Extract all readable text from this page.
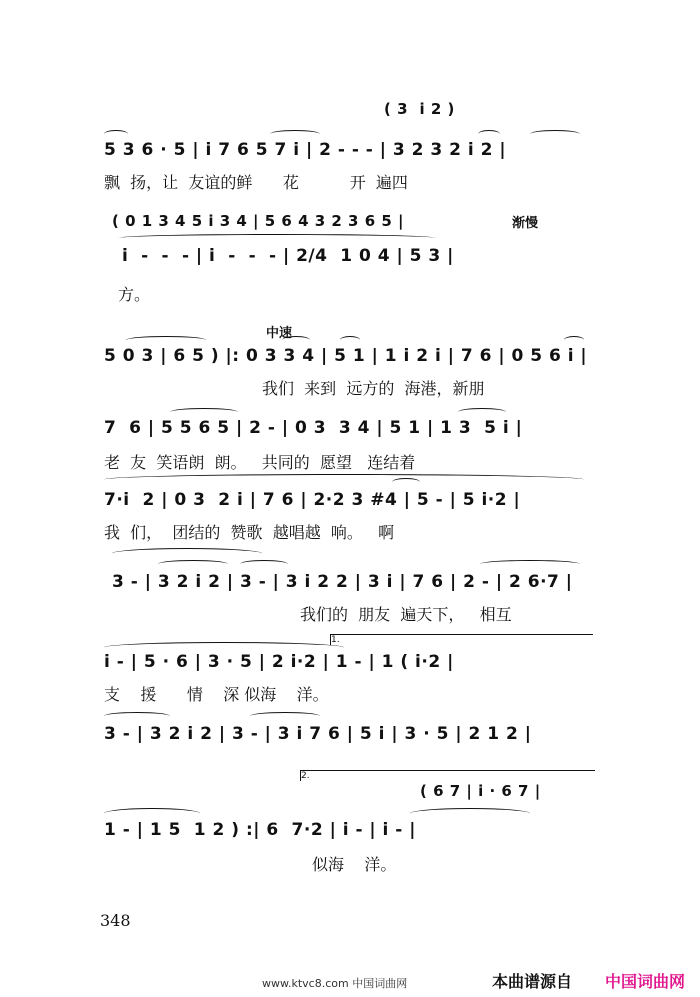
( 3  i 2 )
5 3 6 · 5 | i 7 6 5 7 i | 2 - - - | 3 2 3 2 i 2 |
飘  扬，让  友谊的鲜      花          开  遍四
( 0 1 3 4 5 i 3 4 | 5 6 4 3 2 3 6 5 |	渐慢
i  -  -  - | i  -  -  - | 2/4  1 0 4 | 5 3 |
方。
中速
5 0 3 | 6 5 ) |: 0 3 3 4 | 5 1 | 1 i 2 i | 7 6 | 0 5 6 i |
我们  来到  远方的  海港，新朋
7  6 | 5 5 6 5 | 2 - | 0 3  3 4 | 5 1 | 1 3  5 i |
老  友  笑语朗  朗。   共同的  愿望   连结着
7·i  2 | 0 3  2 i | 7 6 | 2·2 3 #4 | 5 - | 5 i·2 |
我  们，  团结的  赞歌  越唱越  响。   啊
3 - | 3 2 i 2 | 3 - | 3 i 2 2 | 3 i | 7 6 | 2 - | 2 6·7 |
我们的  朋友  遍天下，   相互
1.
i - | 5 · 6 | 3 · 5 | 2 i·2 | 1 - | 1 ( i·2 |
支    援      情    深 似海    洋。
3 - | 3 2 i 2 | 3 - | 3 i 7 6 | 5 i | 3 · 5 | 2 1 2 |
2.
( 6 7 | i · 6 7 |
1 - | 1 5  1 2 ) :| 6  7·2 | i - | i - |
似海    洋。
348
www.ktvc8.com 中国词曲网	本曲谱源自 中国词曲网
